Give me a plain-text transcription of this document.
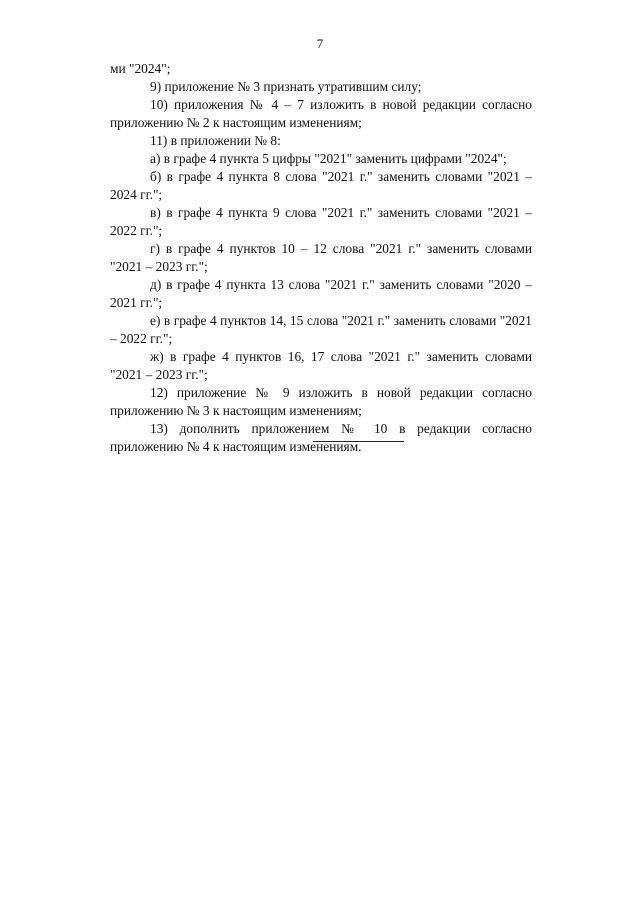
7

ми "2024";

9) приложение № 3 признать утратившим силу;

10) приложения № 4 – 7 изложить в новой редакции согласно приложению № 2 к настоящим изменениям;

11) в приложении № 8:

а) в графе 4 пункта 5 цифры "2021" заменить цифрами "2024";

б) в графе 4 пункта 8 слова "2021 г." заменить словами "2021 – 2024 гг.";

в) в графе 4 пункта 9 слова "2021 г." заменить словами "2021 – 2022 гг.";

г) в графе 4 пунктов 10 – 12 слова "2021 г." заменить словами "2021 – 2023 гг.";

д) в графе 4 пункта 13 слова "2021 г." заменить словами "2020 – 2021 гг.";

е) в графе 4 пунктов 14, 15 слова "2021 г." заменить словами "2021 – 2022 гг.";

ж) в графе 4 пунктов 16, 17 слова "2021 г." заменить словами "2021 – 2023 гг.";

12) приложение № 9 изложить в новой редакции согласно приложению № 3 к настоящим изменениям;

13) дополнить приложением № 10 в редакции согласно приложению № 4 к настоящим изменениям.
